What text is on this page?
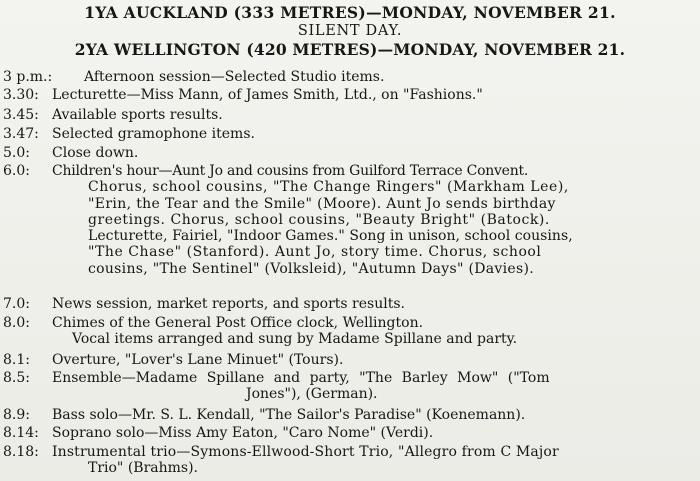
1YA AUCKLAND (333 METRES)—MONDAY, NOVEMBER 21.
SILENT DAY.
2YA WELLINGTON (420 METRES)—MONDAY, NOVEMBER 21.
3 p.m.:	Afternoon session—Selected Studio items.
3.30: Lecturette—Miss Mann, of James Smith, Ltd., on "Fashions."
3.45: Available sports results.
3.47: Selected gramophone items.
5.0:	Close down.
6.0:	Children's hour—Aunt Jo and cousins from Guilford Terrace Convent.
Chorus, school cousins, "The Change Ringers" (Markham Lee),
"Erin, the Tear and the Smile" (Moore). Aunt Jo sends birthday
greetings. Chorus, school cousins, "Beauty Bright" (Batock).
Lecturette, Fairiel, "Indoor Games." Song in unison, school cousins,
"The Chase" (Stanford). Aunt Jo, story time. Chorus, school
cousins, "The Sentinel" (Volksleid), "Autumn Days" (Davies).
7.0:	News session, market reports, and sports results.
8.0:	Chimes of the General Post Office clock, Wellington.
Vocal items arranged and sung by Madame Spillane and party.
8.1:	Overture, "Lover's Lane Minuet" (Tours).
8.5:	Ensemble—Madame Spillane and party, "The Barley Mow" ("Tom
Jones"), (German).
8.9:	Bass solo—Mr. S. L. Kendall, "The Sailor's Paradise" (Koenemann).
8.14: Soprano solo—Miss Amy Eaton, "Caro Nome" (Verdi).
8.18: Instrumental trio—Symons-Ellwood-Short Trio, "Allegro from C Major
Trio" (Brahms).
